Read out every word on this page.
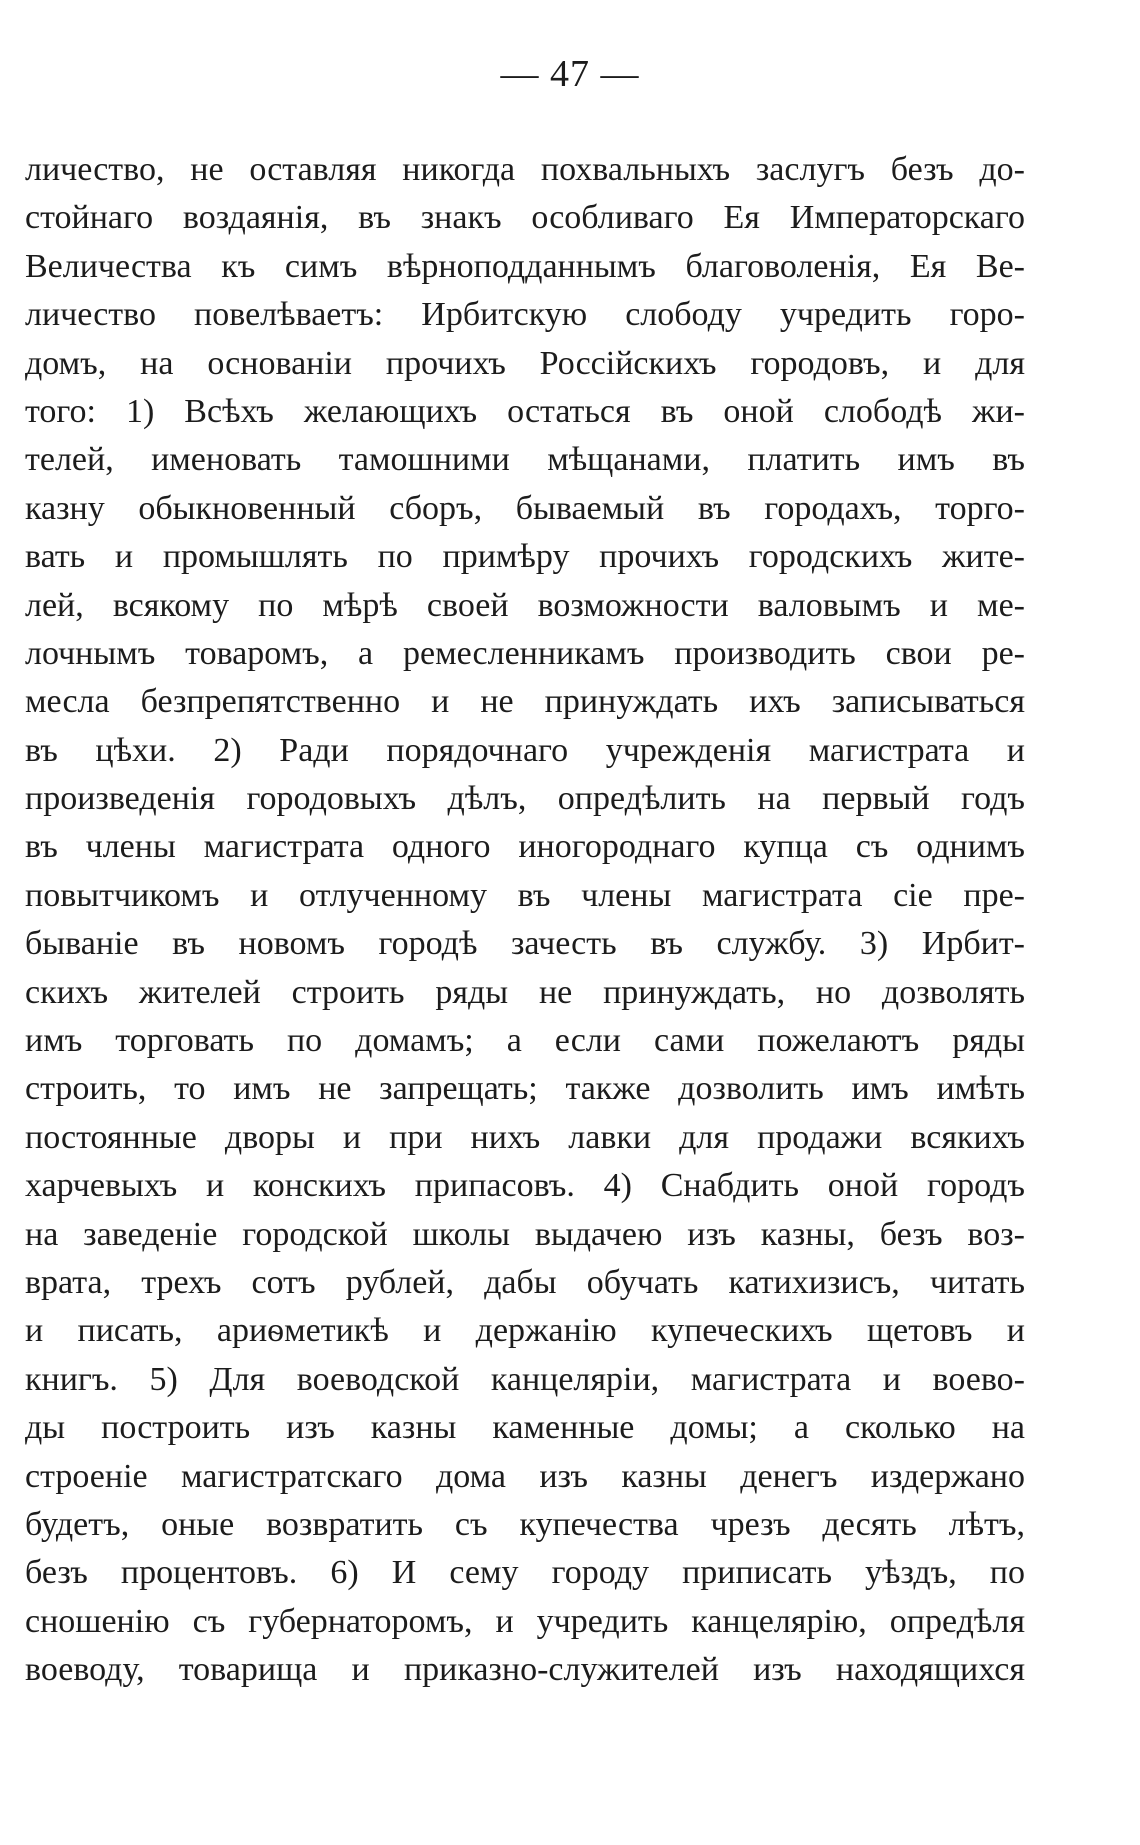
— 47 —
личество, не оставляя никогда похвальныхъ заслугъ безъ до-
стойнаго воздаянія, въ знакъ особливаго Ея Императорскаго
Величества къ симъ вѣрноподданнымъ благоволенія, Ея Ве-
личество повелѣваетъ: Ирбитскую слободу учредить горо-
домъ, на основаніи прочихъ Россійскихъ городовъ, и для
того: 1) Всѣхъ желающихъ остаться въ оной слободѣ жи-
телей, именовать тамошними мѣщанами, платить имъ въ
казну обыкновенный сборъ, бываемый въ городахъ, торго-
вать и промышлять по примѣру прочихъ городскихъ жите-
лей, всякому по мѣрѣ своей возможности валовымъ и ме-
лочнымъ товаромъ, а ремесленникамъ производить свои ре-
месла безпрепятственно и не принуждать ихъ записываться
въ цѣхи. 2) Ради порядочнаго учрежденія магистрата и
произведенія городовыхъ дѣлъ, опредѣлить на первый годъ
въ члены магистрата одного иногороднаго купца съ однимъ
повытчикомъ и отлученному въ члены магистрата сіе пре-
бываніе въ новомъ городѣ зачесть въ службу. 3) Ирбит-
скихъ жителей строить ряды не принуждать, но дозволять
имъ торговать по домамъ; а если сами пожелаютъ ряды
строить, то имъ не запрещать; также дозволить имъ имѣть
постоянные дворы и при нихъ лавки для продажи всякихъ
харчевыхъ и конскихъ припасовъ. 4) Снабдить оной городъ
на заведеніе городской школы выдачею изъ казны, безъ воз-
врата, трехъ сотъ рублей, дабы обучать катихизисъ, читать
и писать, ариѳметикѣ и держанію купеческихъ щетовъ и
книгъ. 5) Для воеводской канцеляріи, магистрата и воево-
ды построить изъ казны каменные домы; а сколько на
строеніе магистратскаго дома изъ казны денегъ издержано
будетъ, оные возвратить съ купечества чрезъ десять лѣтъ,
безъ процентовъ. 6) И сему городу приписать уѣздъ, по
сношенію съ губернаторомъ, и учредить канцелярію, опредѣля
воеводу, товарища и приказно-служителей изъ находящихся
